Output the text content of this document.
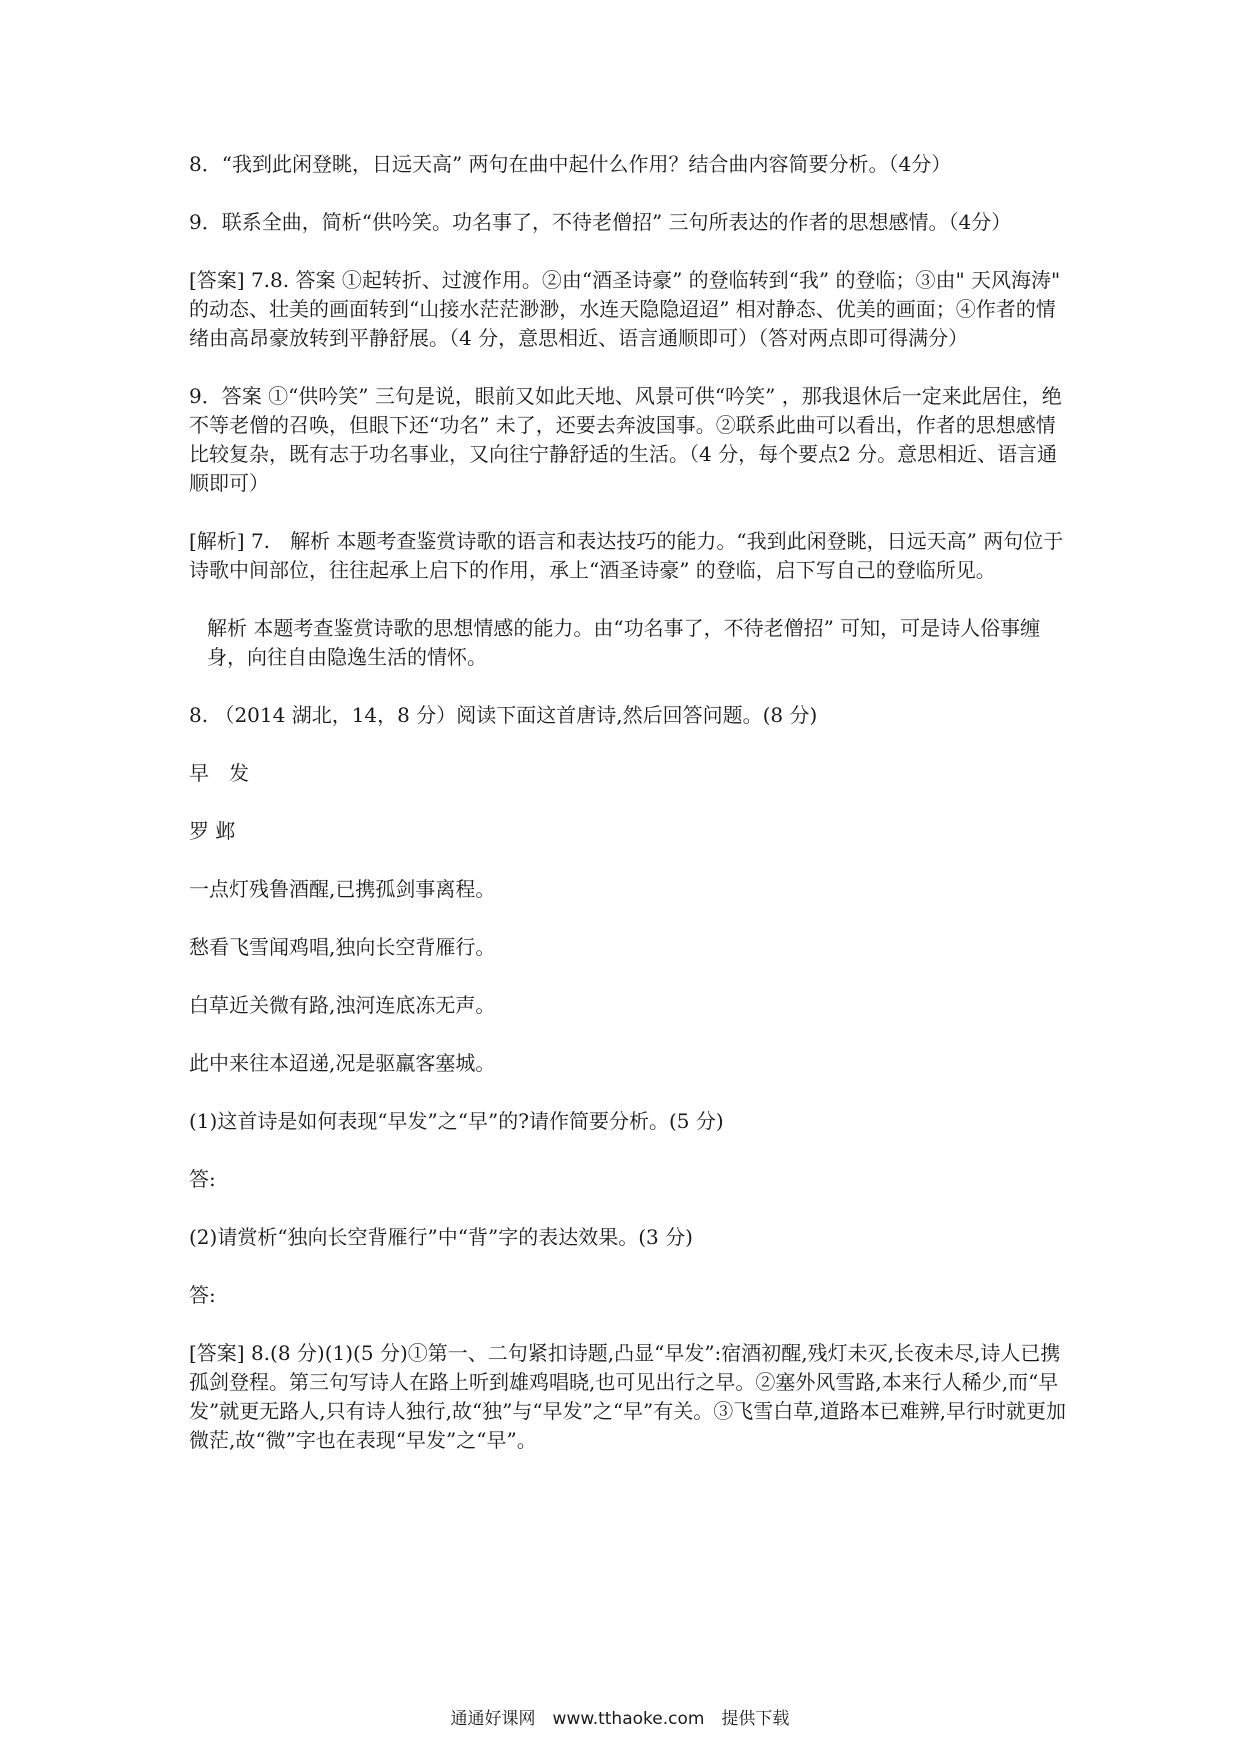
8．“我到此闲登眺，日远天高” 两句在曲中起什么作用？结合曲内容简要分析。（4分）

9．联系全曲，简析“供吟笑。功名事了，不待老僧招” 三句所表达的作者的思想感情。（4分）

[答案] 7.8. 答案 ①起转折、过渡作用。②由“酒圣诗豪” 的登临转到“我” 的登临；③由" 天风海涛" 的动态、壮美的画面转到“山接水茫茫渺渺，水连天隐隐迢迢” 相对静态、优美的画面；④作者的情绪由高昂豪放转到平静舒展。（4 分，意思相近、语言通顺即可）（答对两点即可得满分）

9．答案 ①“供吟笑” 三句是说，眼前又如此天地、风景可供“吟笑” ，那我退休后一定来此居住，绝不等老僧的召唤，但眼下还“功名” 未了，还要去奔波国事。②联系此曲可以看出，作者的思想感情比较复杂，既有志于功名事业，又向往宁静舒适的生活。（4 分，每个要点2 分。意思相近、语言通顺即可）

[解析] 7.　解析 本题考查鉴赏诗歌的语言和表达技巧的能力。“我到此闲登眺，日远天高” 两句位于诗歌中间部位，往往起承上启下的作用，承上“酒圣诗豪” 的登临，启下写自己的登临所见。

解析 本题考查鉴赏诗歌的思想情感的能力。由“功名事了，不待老僧招” 可知，可是诗人俗事缠身，向往自由隐逸生活的情怀。

8. （2014 湖北，14，8 分）阅读下面这首唐诗,然后回答问题。(8 分)

早　发

罗 邺

一点灯残鲁酒醒,已携孤剑事离程。

愁看飞雪闻鸡唱,独向长空背雁行。

白草近关微有路,浊河连底冻无声。

此中来往本迢递,况是驱羸客塞城。

(1)这首诗是如何表现“早发”之“早”的?请作简要分析。(5 分)

答:

(2)请赏析“独向长空背雁行”中“背”字的表达效果。(3 分)

答:

[答案] 8.(8 分)(1)(5 分)①第一、二句紧扣诗题,凸显“早发”:宿酒初醒,残灯未灭,长夜未尽,诗人已携孤剑登程。第三句写诗人在路上听到雄鸡唱晓,也可见出行之早。②塞外风雪路,本来行人稀少,而“早发”就更无路人,只有诗人独行,故“独”与“早发”之“早”有关。③飞雪白草,道路本已难辨,早行时就更加微茫,故“微”字也在表现“早发”之“早”。

通通好课网　www.tthaoke.com　提供下载
